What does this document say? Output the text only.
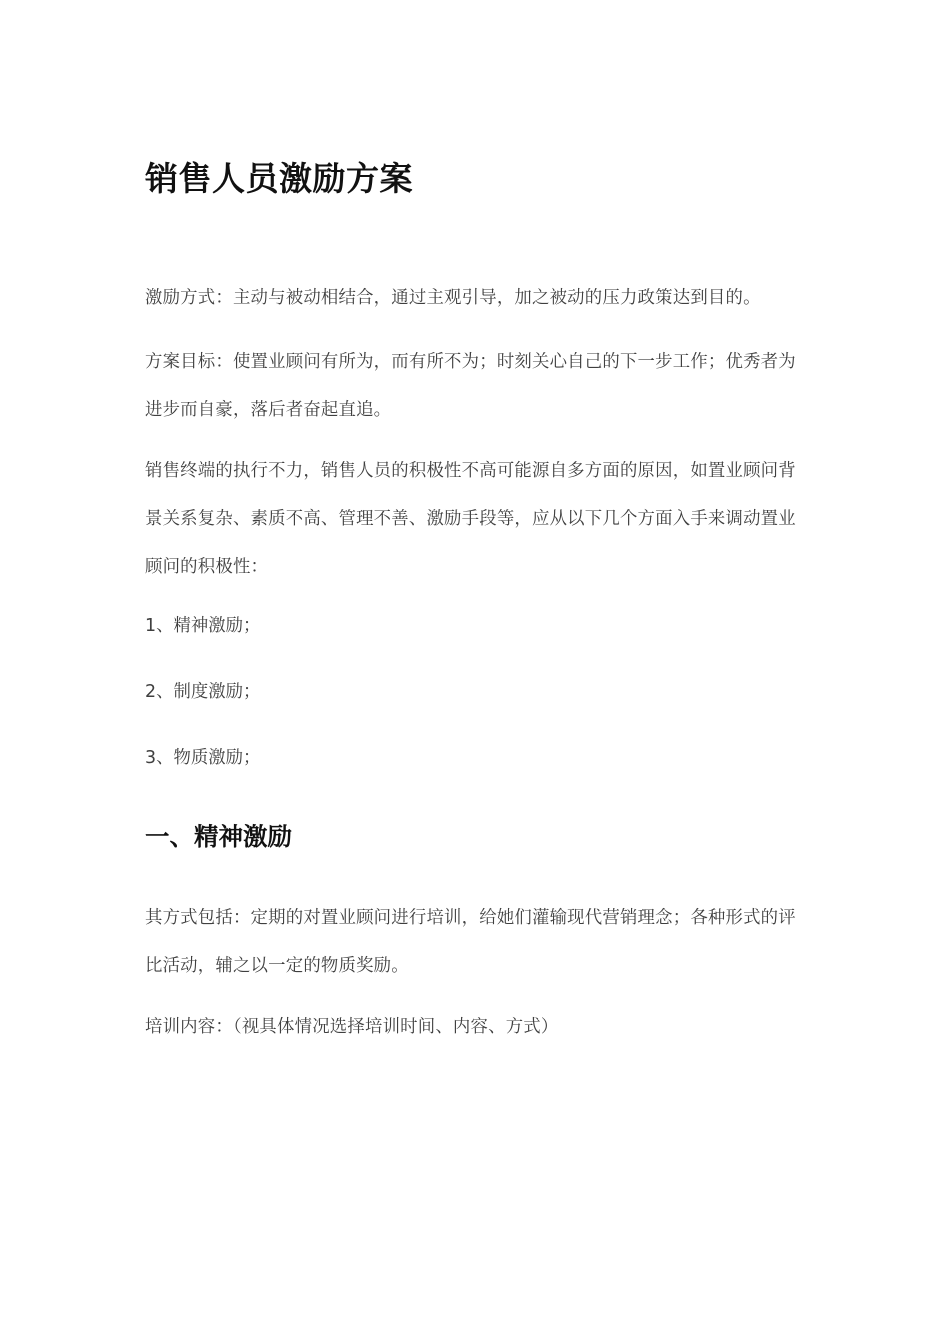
销售人员激励方案

激励方式：主动与被动相结合，通过主观引导，加之被动的压力政策达到目的。

方案目标：使置业顾问有所为，而有所不为；时刻关心自己的下一步工作；优秀者为进步而自豪，落后者奋起直追。

销售终端的执行不力，销售人员的积极性不高可能源自多方面的原因，如置业顾问背景关系复杂、素质不高、管理不善、激励手段等，应从以下几个方面入手来调动置业顾问的积极性：

1、精神激励；

2、制度激励；

3、物质激励；

一、精神激励

其方式包括：定期的对置业顾问进行培训，给她们灌输现代营销理念；各种形式的评比活动，辅之以一定的物质奖励。

培训内容：（视具体情况选择培训时间、内容、方式）
